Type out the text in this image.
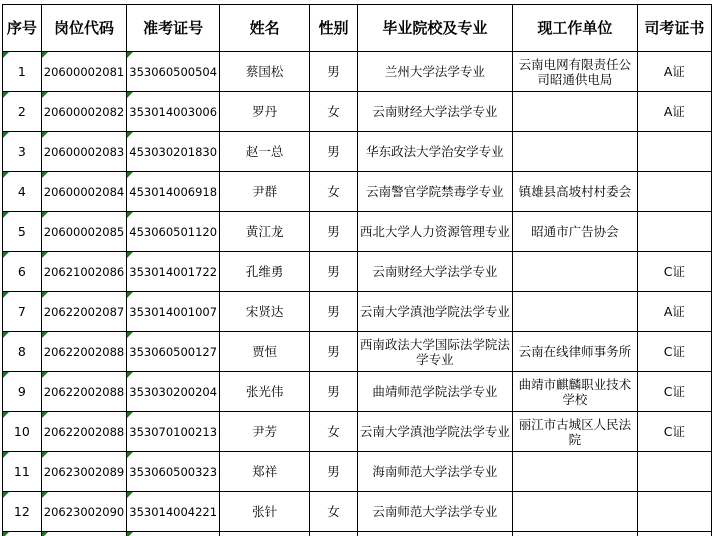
序号	岗位代码	准考证号	姓名	性别	毕业院校及专业	现工作单位	司考证书
1	20600002081	353060500504	蔡国松	男	兰州大学法学专业	云南电网有限责任公司昭通供电局	A证
2	20600002082	353014003006	罗丹	女	云南财经大学法学专业		A证
3	20600002083	453030201830	赵一总	男	华东政法大学治安学专业		
4	20600002084	453014006918	尹群	女	云南警官学院禁毒学专业	镇雄县高坡村村委会	
5	20600002085	453060501120	黄江龙	男	西北大学人力资源管理专业	昭通市广告协会	
6	20621002086	353014001722	孔维勇	男	云南财经大学法学专业		C证
7	20622002087	353014001007	宋贤达	男	云南大学滇池学院法学专业		A证
8	20622002088	353060500127	贾恒	男	西南政法大学国际法学院法学专业	云南在线律师事务所	C证
9	20622002088	353030200204	张光伟	男	曲靖师范学院法学专业	曲靖市麒麟职业技术学校	C证
10	20622002088	353070100213	尹芳	女	云南大学滇池学院法学专业	丽江市古城区人民法院	C证
11	20623002089	353060500323	郑祥	男	海南师范大学法学专业		
12	20623002090	353014004221	张针	女	云南师范大学法学专业		
